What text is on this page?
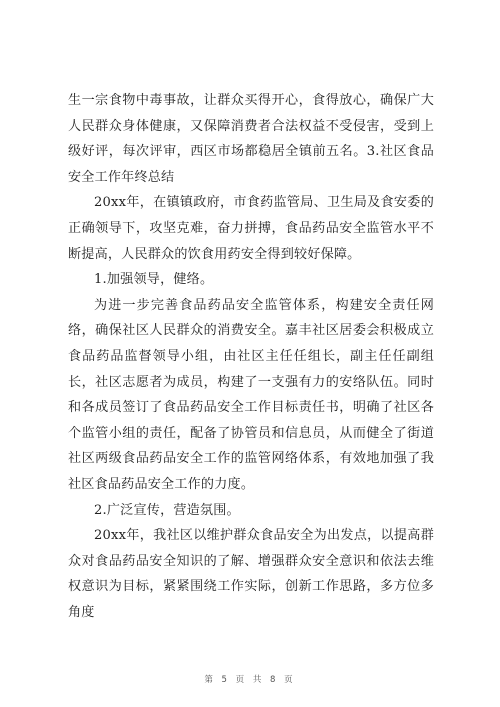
生一宗食物中毒事故，让群众买得开心，食得放心，确保广大人民群众身体健康，又保障消费者合法权益不受侵害，受到上级好评，每次评审，西区市场都稳居全镇前五名。3.社区食品安全工作年终总结

20xx年，在镇镇政府，市食药监管局、卫生局及食安委的正确领导下，攻坚克难，奋力拼搏，食品药品安全监管水平不断提高，人民群众的饮食用药安全得到较好保障。

1.加强领导，健络。

为进一步完善食品药品安全监管体系，构建安全责任网络，确保社区人民群众的消费安全。嘉丰社区居委会积极成立食品药品监督领导小组，由社区主任任组长，副主任任副组长，社区志愿者为成员，构建了一支强有力的安络队伍。同时和各成员签订了食品药品安全工作目标责任书，明确了社区各个监管小组的责任，配备了协管员和信息员，从而健全了街道社区两级食品药品安全工作的监管网络体系，有效地加强了我社区食品药品安全工作的力度。

2.广泛宣传，营造氛围。

20xx年，我社区以维护群众食品安全为出发点，以提高群众对食品药品安全知识的了解、增强群众安全意识和依法去维权意识为目标，紧紧围绕工作实际，创新工作思路，多方位多角度

第 5 页 共 8 页
